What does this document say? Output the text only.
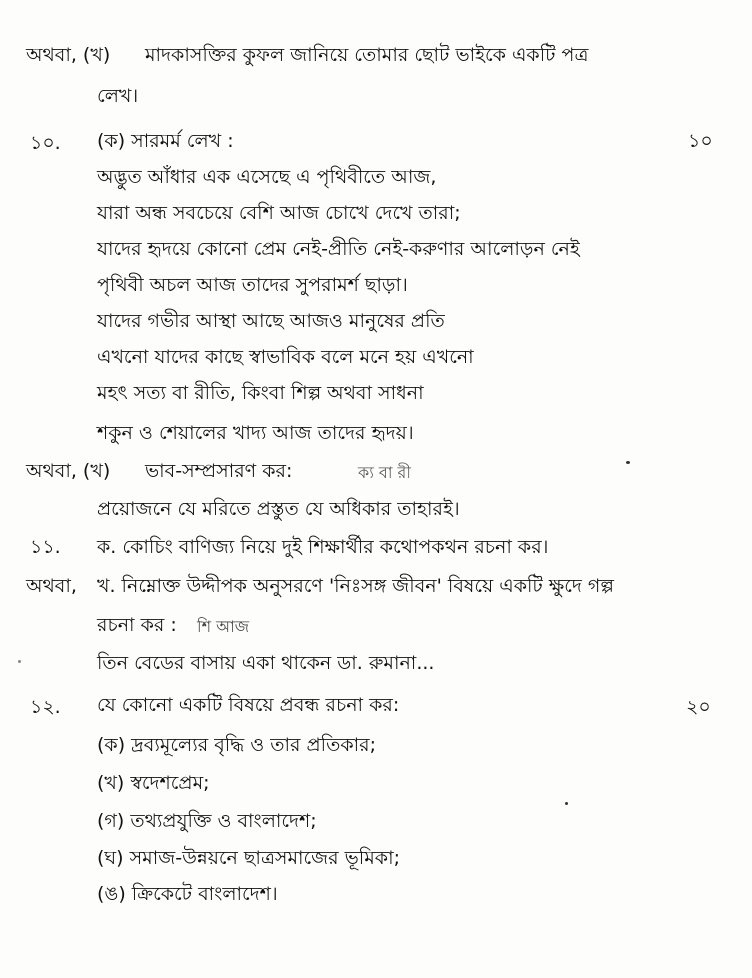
অথবা, (খ) মাদকাসক্তির কুফল জানিয়ে তোমার ছোট ভাইকে একটি পত্র
লেখ।
১০. (ক) সারমর্ম লেখ :	১০
অদ্ভুত আঁধার এক এসেছে এ পৃথিবীতে আজ,
যারা অন্ধ সবচেয়ে বেশি আজ চোখে দেখে তারা;
যাদের হৃদয়ে কোনো প্রেম নেই-প্রীতি নেই-করুণার আলোড়ন নেই
পৃথিবী অচল আজ তাদের সুপরামর্শ ছাড়া।
যাদের গভীর আস্থা আছে আজও মানুষের প্রতি
এখনো যাদের কাছে স্বাভাবিক বলে মনে হয় এখনো
মহৎ সত্য বা রীতি, কিংবা শিল্প অথবা সাধনা
শকুন ও শেয়ালের খাদ্য আজ তাদের হৃদয়।
অথবা, (খ) ভাব-সম্প্রসারণ কর:	ক্য বা রী
প্রয়োজনে যে মরিতে প্রস্তুত যে অধিকার তাহারই।
১১. ক. কোচিং বাণিজ্য নিয়ে দুই শিক্ষার্থীর কথোপকথন রচনা কর।
অথবা, খ. নিম্নোক্ত উদ্দীপক অনুসরণে 'নিঃসঙ্গ জীবন' বিষয়ে একটি ক্ষুদে গল্প
রচনা কর : শি আজ
তিন বেডের বাসায় একা থাকেন ডা. রুমানা...
১২. যে কোনো একটি বিষয়ে প্রবন্ধ রচনা কর:	২০
(ক) দ্রব্যমূল্যের বৃদ্ধি ও তার প্রতিকার;
(খ) স্বদেশপ্রেম;
(গ) তথ্যপ্রযুক্তি ও বাংলাদেশ;
(ঘ) সমাজ-উন্নয়নে ছাত্রসমাজের ভূমিকা;
(ঙ) ক্রিকেটে বাংলাদেশ।
